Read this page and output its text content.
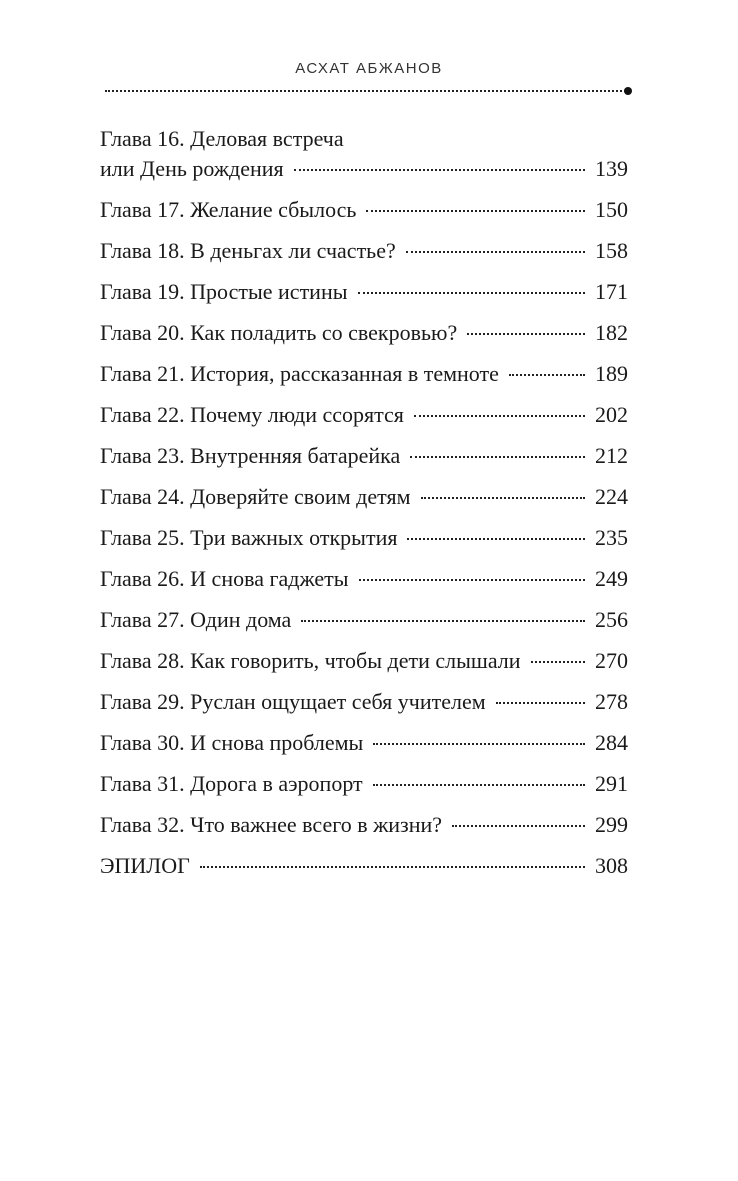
АСХАТ АБЖАНОВ
Глава 16. Деловая встреча
или День рождения	139
Глава 17. Желание сбылось	150
Глава 18. В деньгах ли счастье?	158
Глава 19. Простые истины	171
Глава 20. Как поладить со свекровью?	182
Глава 21. История, рассказанная в темноте	189
Глава 22. Почему люди ссорятся	202
Глава 23. Внутренняя батарейка	212
Глава 24. Доверяйте своим детям	224
Глава 25. Три важных открытия	235
Глава 26. И снова гаджеты	249
Глава 27. Один дома	256
Глава 28. Как говорить, чтобы дети слышали	270
Глава 29. Руслан ощущает себя учителем	278
Глава 30. И снова проблемы	284
Глава 31. Дорога в аэропорт	291
Глава 32. Что важнее всего в жизни?	299
ЭПИЛОГ	308
